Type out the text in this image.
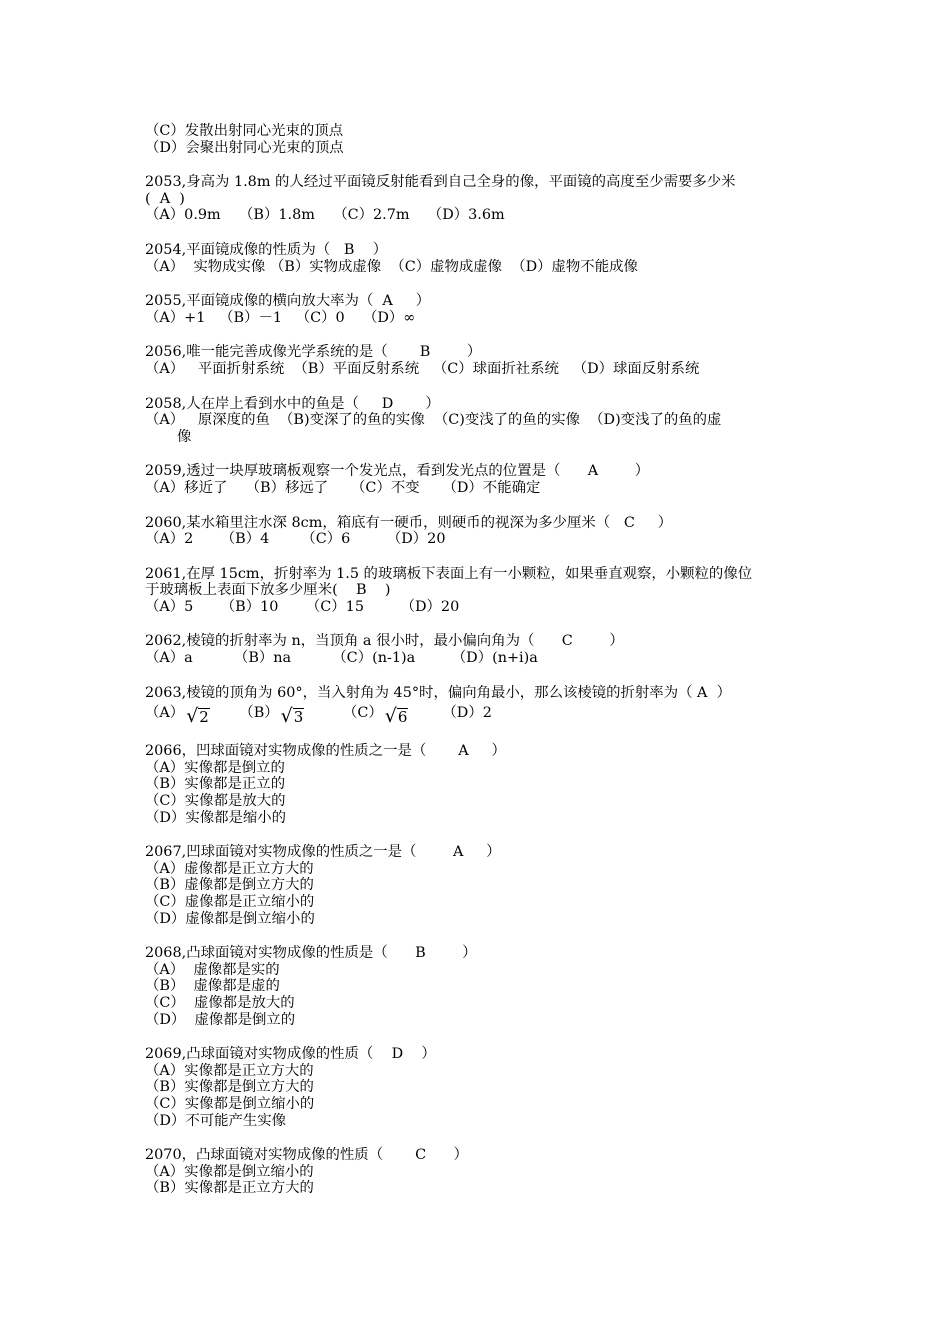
（C）发散出射同心光束的顶点
（D）会聚出射同心光束的顶点
2053,身高为 1.8m 的人经过平面镜反射能看到自己全身的像，平面镜的高度至少需要多少米
(  A  )
（A）0.9m    （B）1.8m    （C）2.7m    （D）3.6m
2054,平面镜成像的性质为（   B    ）
（A）  实物成实像 （B）实物成虚像  （C）虚物成虚像  （D）虚物不能成像
2055,平面镜成像的横向放大率为（  A     ）
（A）+1   （B）－1   （C）0    （D）∞
2056,唯一能完善成像光学系统的是（       B        ）
（A）   平面折射系统  （B）平面反射系统   （C）球面折社系统   （D）球面反射系统
2058,人在岸上看到水中的鱼是（     D       ）
（A）   原深度的鱼  （B)变深了的鱼的实像  （C)变浅了的鱼的实像  （D)变浅了的鱼的虚
像
2059,透过一块厚玻璃板观察一个发光点，看到发光点的位置是（      A        ）
（A）移近了    （B）移远了     （C）不变     （D）不能确定
2060,某水箱里注水深 8cm，箱底有一硬币，则硬币的视深为多少厘米（   C     ）
（A）2      （B）4       （C）6        （D）20
2061,在厚 15cm，折射率为 1.5 的玻璃板下表面上有一小颗粒，如果垂直观察，小颗粒的像位
于玻璃板上表面下放多少厘米(    B    )
（A）5      （B）10      （C）15        （D）20
2062,棱镜的折射率为 n，当顶角 a 很小时，最小偏向角为（      C        ）
（A）a         （B）na         （C）(n-1)a        （D）(n+i)a
2063,棱镜的顶角为 60°，当入射角为 45°时，偏向角最小，那么该棱镜的折射率为（ A  ）
（A） √ 2 （B） √ 3	（C） √ 6 （D）2
2066，凹球面镜对实物成像的性质之一是（       A     ）
（A）实像都是倒立的
（B）实像都是正立的
（C）实像都是放大的
（D）实像都是缩小的
2067,凹球面镜对实物成像的性质之一是（        A     ）
（A）虚像都是正立方大的
（B）虚像都是倒立方大的
（C）虚像都是正立缩小的
（D）虚像都是倒立缩小的
2068,凸球面镜对实物成像的性质是（      B        ）
（A）  虚像都是实的
（B）  虚像都是虚的
（C）  虚像都是放大的
（D）  虚像都是倒立的
2069,凸球面镜对实物成像的性质（    D    ）
（A）实像都是正立方大的
（B）实像都是倒立方大的
（C）实像都是倒立缩小的
（D）不可能产生实像
2070，凸球面镜对实物成像的性质（       C      ）
（A）实像都是倒立缩小的
（B）实像都是正立方大的
